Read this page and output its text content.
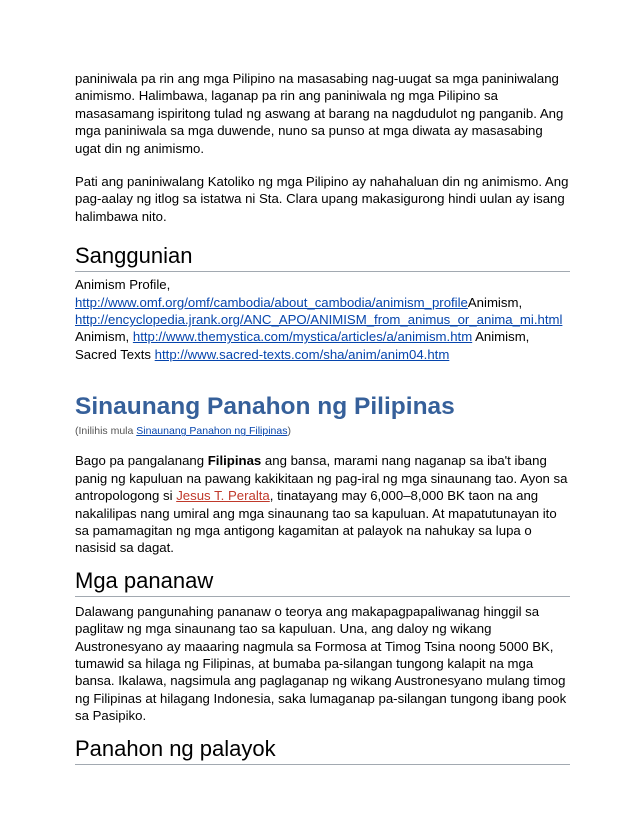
paniniwala pa rin ang mga Pilipino na masasabing nag-uugat sa mga paniniwalang animismo. Halimbawa, laganap pa rin ang paniniwala ng mga Pilipino sa masasamang ispiritong tulad ng aswang at barang na nagdudulot ng panganib. Ang mga paniniwala sa mga duwende, nuno sa punso at mga diwata ay masasabing ugat din ng animismo.

Pati ang paniniwalang Katoliko ng mga Pilipino ay nahahaluan din ng animismo. Ang pag-aalay ng itlog sa istatwa ni Sta. Clara upang makasigurong hindi uulan ay isang halimbawa nito.

Sanggunian

Animism Profile,
http://www.omf.org/omf/cambodia/about_cambodia/animism_profileAnimism,
http://encyclopedia.jrank.org/ANC_APO/ANIMISM_from_animus_or_anima_mi.html
Animism, http://www.themystica.com/mystica/articles/a/animism.htm Animism, Sacred Texts http://www.sacred-texts.com/sha/anim/anim04.htm

Sinaunang Panahon ng Pilipinas

(Inilihis mula Sinaunang Panahon ng Filipinas)

Bago pa pangalanang Filipinas ang bansa, marami nang naganap sa iba't ibang panig ng kapuluan na pawang kakikitaan ng pag-iral ng mga sinaunang tao. Ayon sa antropologong si Jesus T. Peralta, tinatayang may 6,000–8,000 BK taon na ang nakalilipas nang umiral ang mga sinaunang tao sa kapuluan. At mapatutunayan ito sa pamamagitan ng mga antigong kagamitan at palayok na nahukay sa lupa o nasisid sa dagat.

Mga pananaw

Dalawang pangunahing pananaw o teorya ang makapagpapaliwanag hinggil sa paglitaw ng mga sinaunang tao sa kapuluan. Una, ang daloy ng wikang Austronesyano ay maaaring nagmula sa Formosa at Timog Tsina noong 5000 BK, tumawid sa hilaga ng Filipinas, at bumaba pa-silangan tungong kalapit na mga bansa. Ikalawa, nagsimula ang paglaganap ng wikang Austronesyano mulang timog ng Filipinas at hilagang Indonesia, saka lumaganap pa-silangan tungong ibang pook sa Pasipiko.

Panahon ng palayok
